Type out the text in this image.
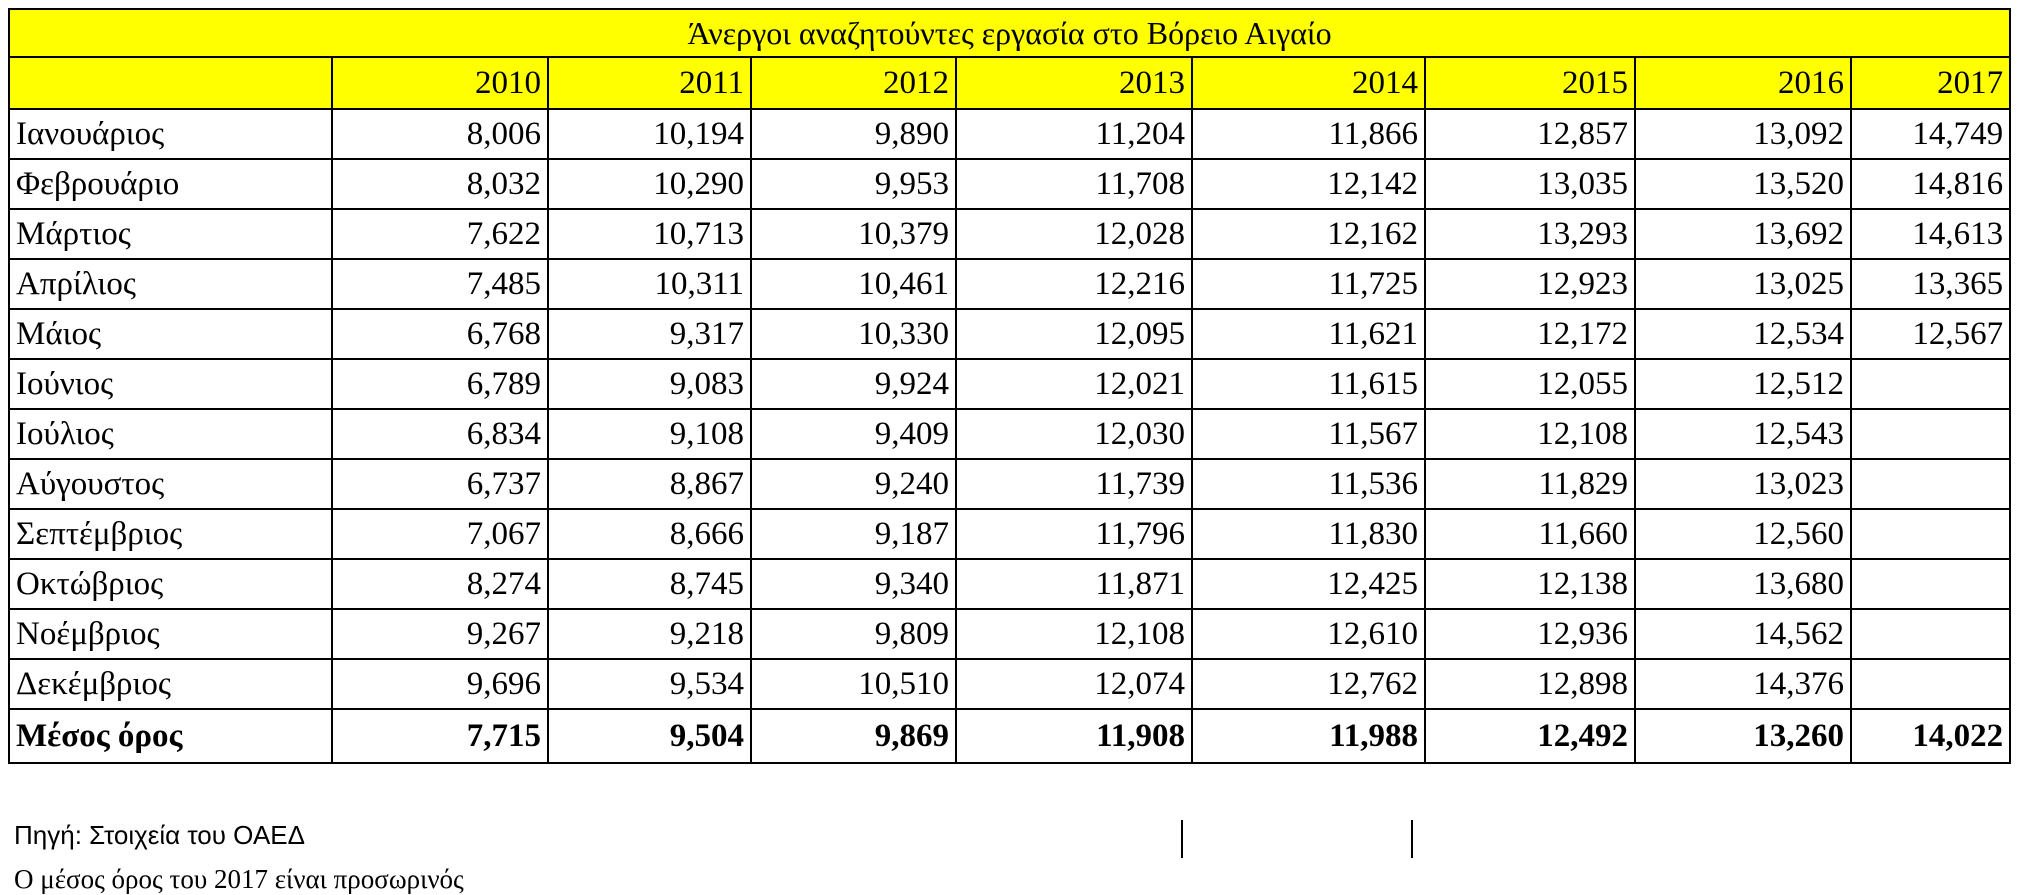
Άνεργοι αναζητούντες εργασία στο Βόρειο Αιγαίο								
	2010	2011	2012	2013	2014	2015	2016	2017
Ιανουάριος	8,006	10,194	9,890	11,204	11,866	12,857	13,092	14,749
Φεβρουάριο	8,032	10,290	9,953	11,708	12,142	13,035	13,520	14,816
Μάρτιος	7,622	10,713	10,379	12,028	12,162	13,293	13,692	14,613
Απρίλιος	7,485	10,311	10,461	12,216	11,725	12,923	13,025	13,365
Μάιος	6,768	9,317	10,330	12,095	11,621	12,172	12,534	12,567
Ιούνιος	6,789	9,083	9,924	12,021	11,615	12,055	12,512	
Ιούλιος	6,834	9,108	9,409	12,030	11,567	12,108	12,543	
Αύγουστος	6,737	8,867	9,240	11,739	11,536	11,829	13,023	
Σεπτέμβριος	7,067	8,666	9,187	11,796	11,830	11,660	12,560	
Οκτώβριος	8,274	8,745	9,340	11,871	12,425	12,138	13,680	
Νοέμβριος	9,267	9,218	9,809	12,108	12,610	12,936	14,562	
Δεκέμβριος	9,696	9,534	10,510	12,074	12,762	12,898	14,376	
Μέσος όρος	7,715	9,504	9,869	11,908	11,988	12,492	13,260	14,022
Πηγή: Στοιχεία του ΟΑΕΔ
Ο μέσος όρος του 2017 είναι προσωρινός
